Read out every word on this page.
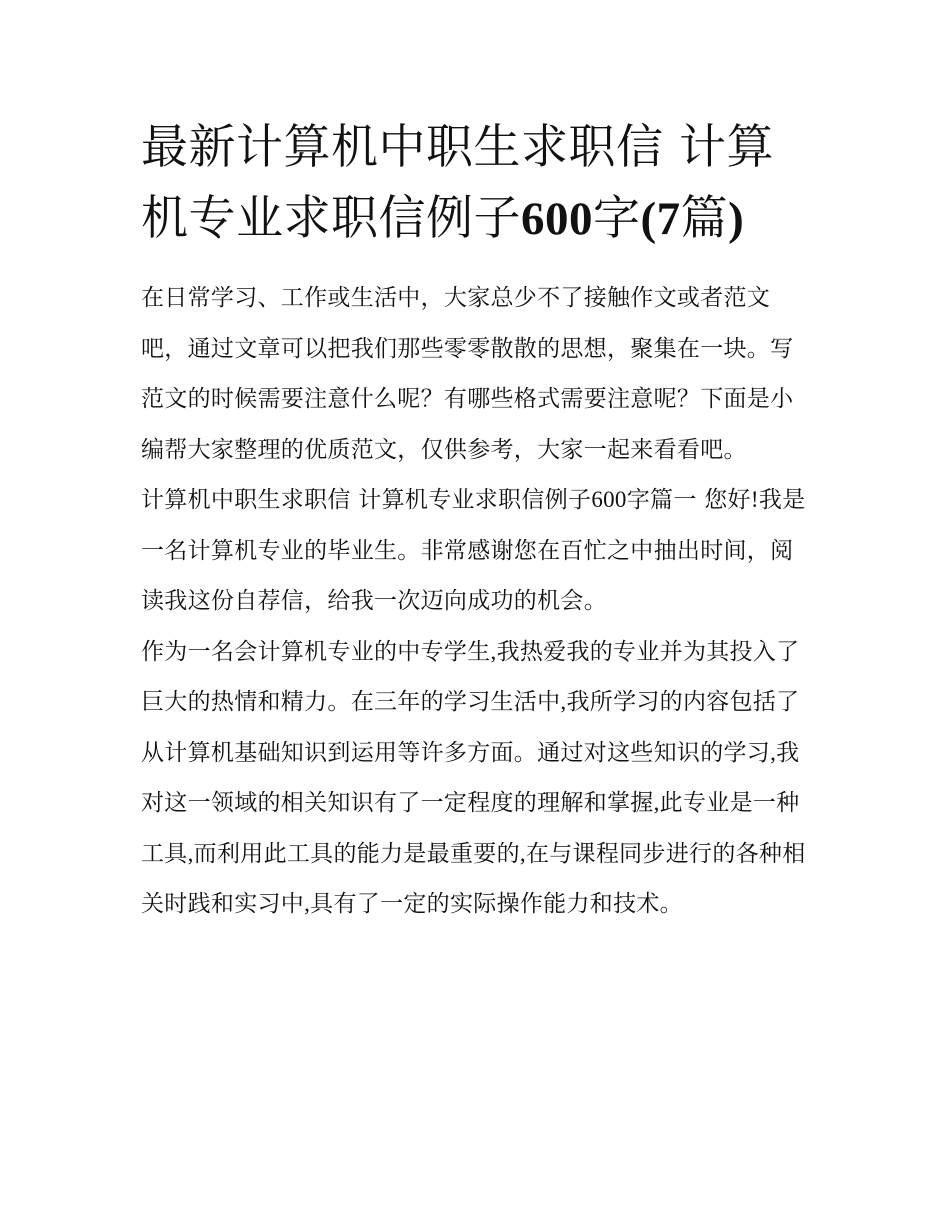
最新计算机中职生求职信 计算机专业求职信例子600字(7篇)

在日常学习、工作或生活中，大家总少不了接触作文或者范文吧，通过文章可以把我们那些零零散散的思想，聚集在一块。写范文的时候需要注意什么呢？有哪些格式需要注意呢？下面是小编帮大家整理的优质范文，仅供参考，大家一起来看看吧。

计算机中职生求职信 计算机专业求职信例子600字篇一 您好!我是一名计算机专业的毕业生。非常感谢您在百忙之中抽出时间，阅读我这份自荐信，给我一次迈向成功的机会。

作为一名会计算机专业的中专学生,我热爱我的专业并为其投入了巨大的热情和精力。在三年的学习生活中,我所学习的内容包括了从计算机基础知识到运用等许多方面。通过对这些知识的学习,我对这一领域的相关知识有了一定程度的理解和掌握,此专业是一种工具,而利用此工具的能力是最重要的,在与课程同步进行的各种相关时践和实习中,具有了一定的实际操作能力和技术。
